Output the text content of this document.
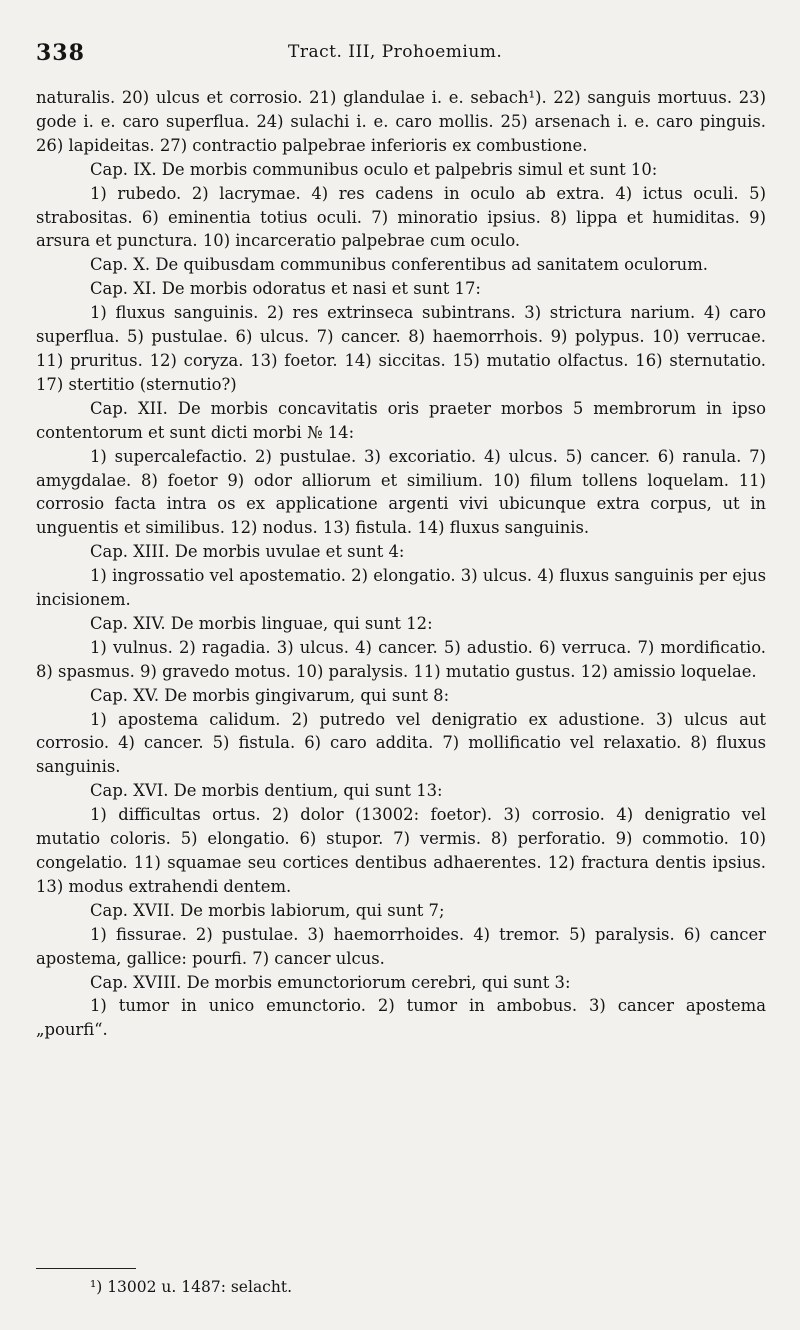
338	Tract. III, Prohoemium.

naturalis. 20) ulcus et corrosio. 21) glandulae i. e. sebach¹). 22) sanguis mortuus. 23) gode i. e. caro superflua. 24) sulachi i. e. caro mollis. 25) arsenach i. e. caro pinguis. 26) lapideitas. 27) contractio palpebrae inferioris ex combustione.

Cap. IX. De morbis communibus oculo et palpebris simul et sunt 10:

1) rubedo. 2) lacrymae. 4) res cadens in oculo ab extra. 4) ictus oculi. 5) strabositas. 6) eminentia totius oculi. 7) minoratio ipsius. 8) lippa et humiditas. 9) arsura et punctura. 10) incarceratio palpebrae cum oculo.

Cap. X. De quibusdam communibus conferentibus ad sanitatem oculorum.

Cap. XI. De morbis odoratus et nasi et sunt 17:

1) fluxus sanguinis. 2) res extrinseca subintrans. 3) strictura narium. 4) caro superflua. 5) pustulae. 6) ulcus. 7) cancer. 8) haemorrhois. 9) polypus. 10) verrucae. 11) pruritus. 12) coryza. 13) foetor. 14) siccitas. 15) mutatio olfactus. 16) sternutatio. 17) stertitio (sternutio?)

Cap. XII. De morbis concavitatis oris praeter morbos 5 membrorum in ipso contentorum et sunt dicti morbi № 14:

1) supercalefactio. 2) pustulae. 3) excoriatio. 4) ulcus. 5) cancer. 6) ranula. 7) amygdalae. 8) foetor 9) odor alliorum et similium. 10) filum tollens loquelam. 11) corrosio facta intra os ex applicatione argenti vivi ubicunque extra corpus, ut in unguentis et similibus. 12) nodus. 13) fistula. 14) fluxus sanguinis.

Cap. XIII. De morbis uvulae et sunt 4:

1) ingrossatio vel apostematio. 2) elongatio. 3) ulcus. 4) fluxus sanguinis per ejus incisionem.

Cap. XIV. De morbis linguae, qui sunt 12:

1) vulnus. 2) ragadia. 3) ulcus. 4) cancer. 5) adustio. 6) verruca. 7) mordificatio. 8) spasmus. 9) gravedo motus. 10) paralysis. 11) mutatio gustus. 12) amissio loquelae.

Cap. XV. De morbis gingivarum, qui sunt 8:

1) apostema calidum. 2) putredo vel denigratio ex adustione. 3) ulcus aut corrosio. 4) cancer. 5) fistula. 6) caro addita. 7) mollificatio vel relaxatio. 8) fluxus sanguinis.

Cap. XVI. De morbis dentium, qui sunt 13:

1) difficultas ortus. 2) dolor (13002: foetor). 3) corrosio. 4) denigratio vel mutatio coloris. 5) elongatio. 6) stupor. 7) vermis. 8) perforatio. 9) commotio. 10) congelatio. 11) squamae seu cortices dentibus adhaerentes. 12) fractura dentis ipsius. 13) modus extrahendi dentem.

Cap. XVII. De morbis labiorum, qui sunt 7;

1) fissurae. 2) pustulae. 3) haemorrhoides. 4) tremor. 5) paralysis. 6) cancer apostema, gallice: pourfi. 7) cancer ulcus.

Cap. XVIII. De morbis emunctoriorum cerebri, qui sunt 3:

1) tumor in unico emunctorio. 2) tumor in ambobus. 3) cancer apostema „pourfi“.

¹) 13002 u. 1487: selacht.
